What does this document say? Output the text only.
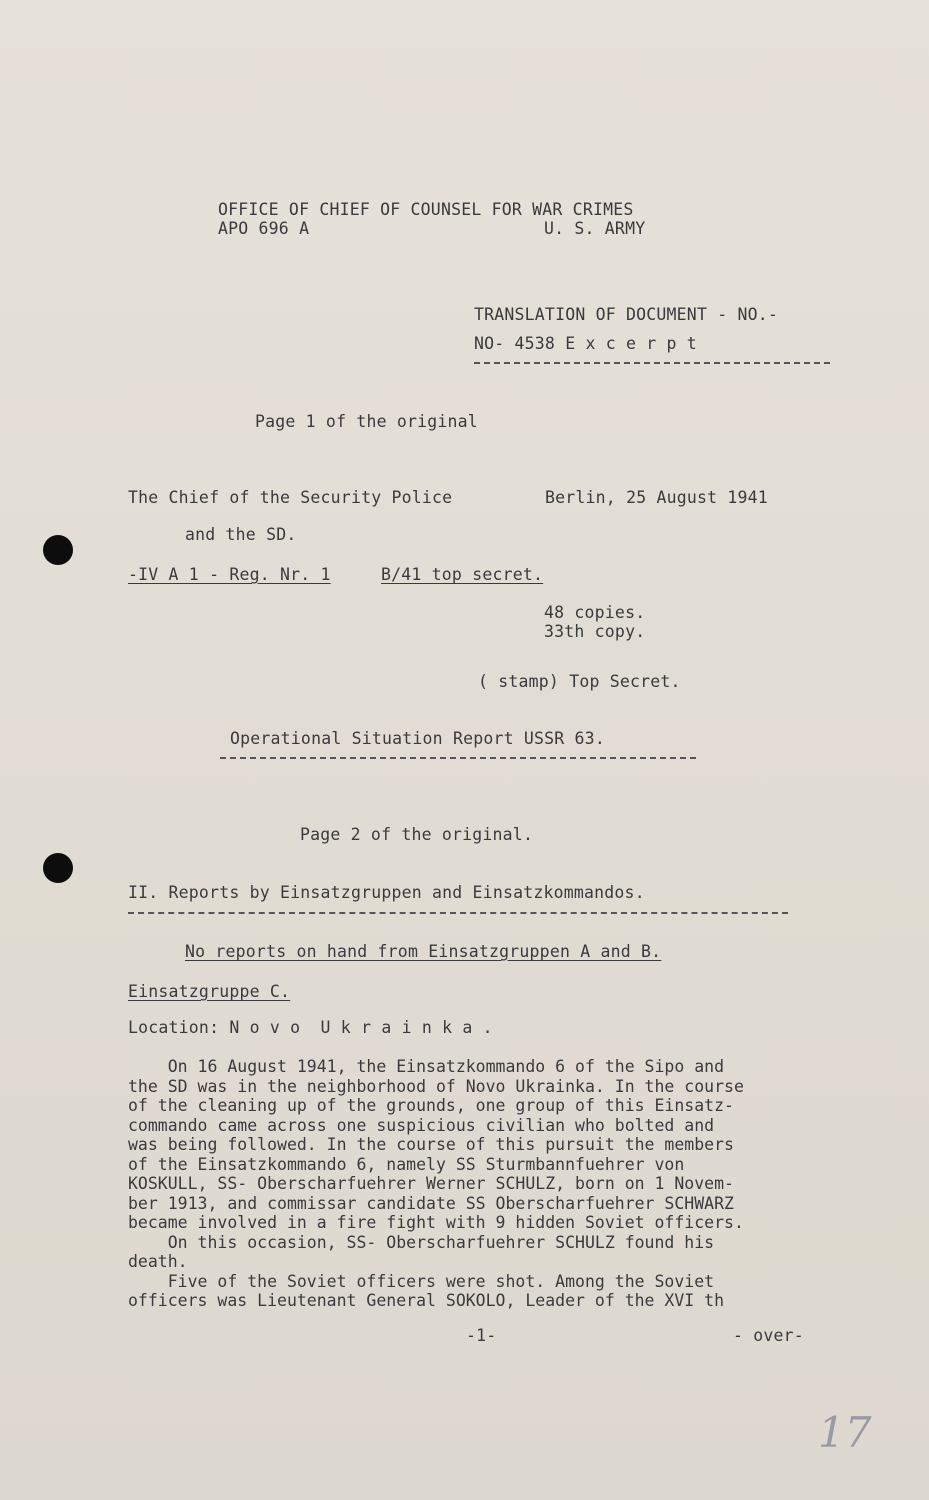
OFFICE OF CHIEF OF COUNSEL FOR WAR CRIMES
APO 696 A	U. S. ARMY
TRANSLATION OF DOCUMENT - NO.-
NO- 4538 E x c e r p t
Page 1 of the original
The Chief of the Security Police	Berlin, 25 August 1941
and the SD.
-IV A 1 - Reg. Nr. 1	B/41 top secret.
48 copies.
33th copy.
( stamp) Top Secret.
Operational Situation Report USSR 63.
Page 2 of the original.
II. Reports by Einsatzgruppen and Einsatzkommandos.
No reports on hand from Einsatzgruppen A and B.
Einsatzgruppe C.
Location: N o v o  U k r a i n k a .
On 16 August 1941, the Einsatzkommando 6 of the Sipo and
the SD was in the neighborhood of Novo Ukrainka. In the course
of the cleaning up of the grounds, one group of this Einsatz-
commando came across one suspicious civilian who bolted and
was being followed. In the course of this pursuit the members
of the Einsatzkommando 6, namely SS Sturmbannfuehrer von
KOSKULL, SS- Oberscharfuehrer Werner SCHULZ, born on 1 Novem-
ber 1913, and commissar candidate SS Oberscharfuehrer SCHWARZ
became involved in a fire fight with 9 hidden Soviet officers.
On this occasion, SS- Oberscharfuehrer SCHULZ found his
death.
Five of the Soviet officers were shot. Among the Soviet
officers was Lieutenant General SOKOLO, Leader of the XVI th
-1-	- over-
17
